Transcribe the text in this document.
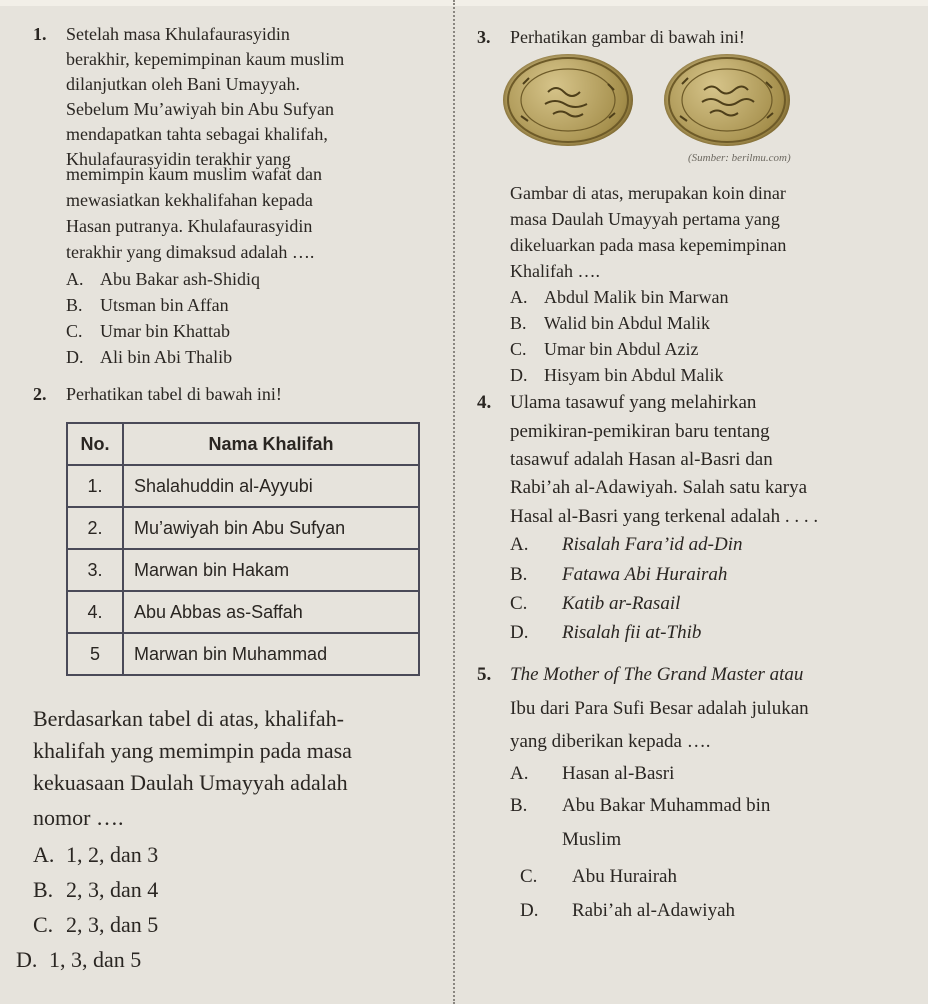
1. Setelah masa Khulafaurasyidin
berakhir, kepemimpinan kaum muslim
dilanjutkan oleh Bani Umayyah.
Sebelum Mu’awiyah bin Abu Sufyan
mendapatkan tahta sebagai khalifah,
Khulafaurasyidin terakhir yang
memimpin kaum muslim wafat dan
mewasiatkan kekhalifahan kepada
Hasan putranya. Khulafaurasyidin
terakhir yang dimaksud adalah ….
A. Abu Bakar ash-Shidiq
B. Utsman bin Affan
C. Umar bin Khattab
D. Ali bin Abi Thalib
2. Perhatikan tabel di bawah ini!
No.	Nama Khalifah
1.	Shalahuddin al-Ayyubi
2.	Mu’awiyah bin Abu Sufyan
3.	Marwan bin Hakam
4.	Abu Abbas as-Saffah
5	Marwan bin Muhammad
Berdasarkan tabel di atas, khalifah-
khalifah yang memimpin pada masa
kekuasaan Daulah Umayyah adalah
nomor ….
A. 1, 2, dan 3
B. 2, 3, dan 4
C. 2, 3, dan 5
D. 1, 3, dan 5
3. Perhatikan gambar di bawah ini!
(Sumber: berilmu.com)
Gambar di atas, merupakan koin dinar
masa Daulah Umayyah pertama yang
dikeluarkan pada masa kepemimpinan
Khalifah ….
A. Abdul Malik bin Marwan
B. Walid bin Abdul Malik
C. Umar bin Abdul Aziz
D. Hisyam bin Abdul Malik
4. Ulama tasawuf yang melahirkan
pemikiran-pemikiran baru tentang
tasawuf adalah Hasan al-Basri dan
Rabi’ah al-Adawiyah. Salah satu karya
Hasal al-Basri yang terkenal adalah . . . .
A. Risalah Fara’id ad-Din
B. Fatawa Abi Hurairah
C. Katib ar-Rasail
D. Risalah fii at-Thib
5. The Mother of The Grand Master atau
Ibu dari Para Sufi Besar adalah julukan
yang diberikan kepada ….
A. Hasan al-Basri
B. Abu Bakar Muhammad bin
Muslim
C. Abu Hurairah
D. Rabi’ah al-Adawiyah
